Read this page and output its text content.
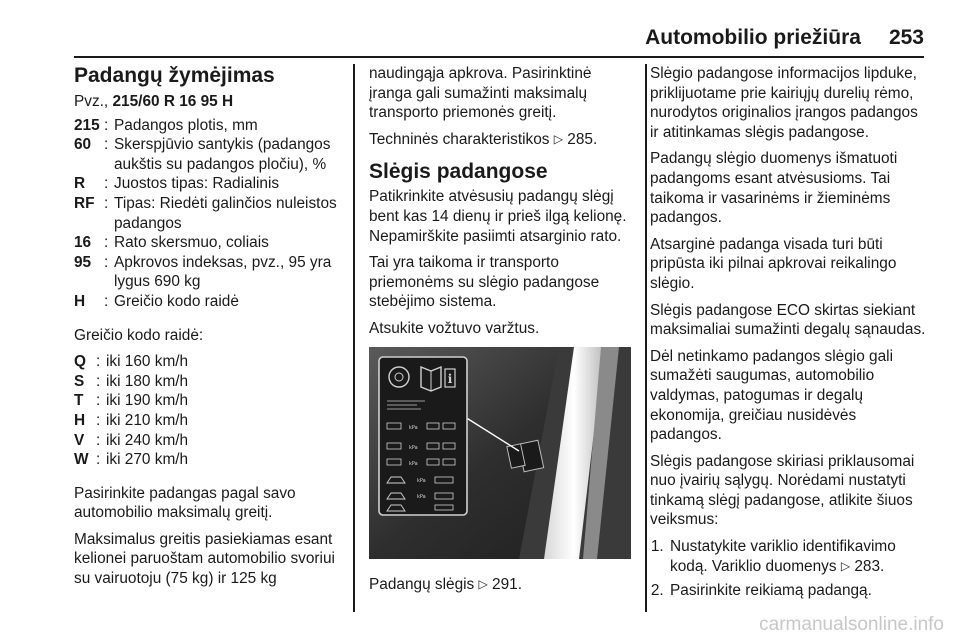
Automobilio priežiūra 253
Padangų žymėjimas

Pvz., 215/60 R 16 95 H

215 : Padangos plotis, mm
60 : Skerspjūvio santykis (padangos aukštis su padangos pločiu), %
R	: Juostos tipas: Radialinis
RF : Tipas: Riedėti galinčios nuleistos padangos
16 : Rato skersmuo, coliais
95 : Apkrovos indeksas, pvz., 95 yra lygus 690 kg
H	: Greičio kodo raidė

Greičio kodo raidė:

Q : iki 160 km/h
S : iki 180 km/h
T : iki 190 km/h
H : iki 210 km/h
V : iki 240 km/h
W : iki 270 km/h

Pasirinkite padangas pagal savo automobilio maksimalų greitį.

Maksimalus greitis pasiekiamas esant kelionei paruoštam automobilio svoriui su vairuotoju (75 kg) ir 125 kg

naudingąja apkrova. Pasirinktinė įranga gali sumažinti maksimalų transporto priemonės greitį.

Techninės charakteristikos ▷ 285.

Slėgis padangose

Patikrinkite atvėsusių padangų slėgį bent kas 14 dienų ir prieš ilgą kelionę. Nepamirškite pasiimti atsarginio rato.

Tai yra taikoma ir transporto priemonėms su slėgio padangose stebėjimo sistema.

Atsukite vožtuvo varžtus.

i
kPa
kPa
kPa
kPa
kPa

Padangų slėgis ▷ 291.

Slėgio padangose informacijos lipduke, priklijuotame prie kairiųjų durelių rėmo, nurodytos originalios įrangos padangos ir atitinkamas slėgis padangose.

Padangų slėgio duomenys išmatuoti padangoms esant atvėsusioms. Tai taikoma ir vasarinėms ir žieminėms padangos.

Atsarginė padanga visada turi būti pripūsta iki pilnai apkrovai reikalingo slėgio.

Slėgis padangose ECO skirtas siekiant maksimaliai sumažinti degalų sąnaudas.

Dėl netinkamo padangos slėgio gali sumažėti saugumas, automobilio valdymas, patogumas ir degalų ekonomija, greičiau nusidėvės padangos.

Slėgis padangose skiriasi priklausomai nuo įvairių sąlygų. Norėdami nustatyti tinkamą slėgį padangose, atlikite šiuos veiksmus:

1. Nustatykite variklio identifikavimo kodą. Variklio duomenys ▷ 283.
2. Pasirinkite reikiamą padangą.
carmanualsonline.info
